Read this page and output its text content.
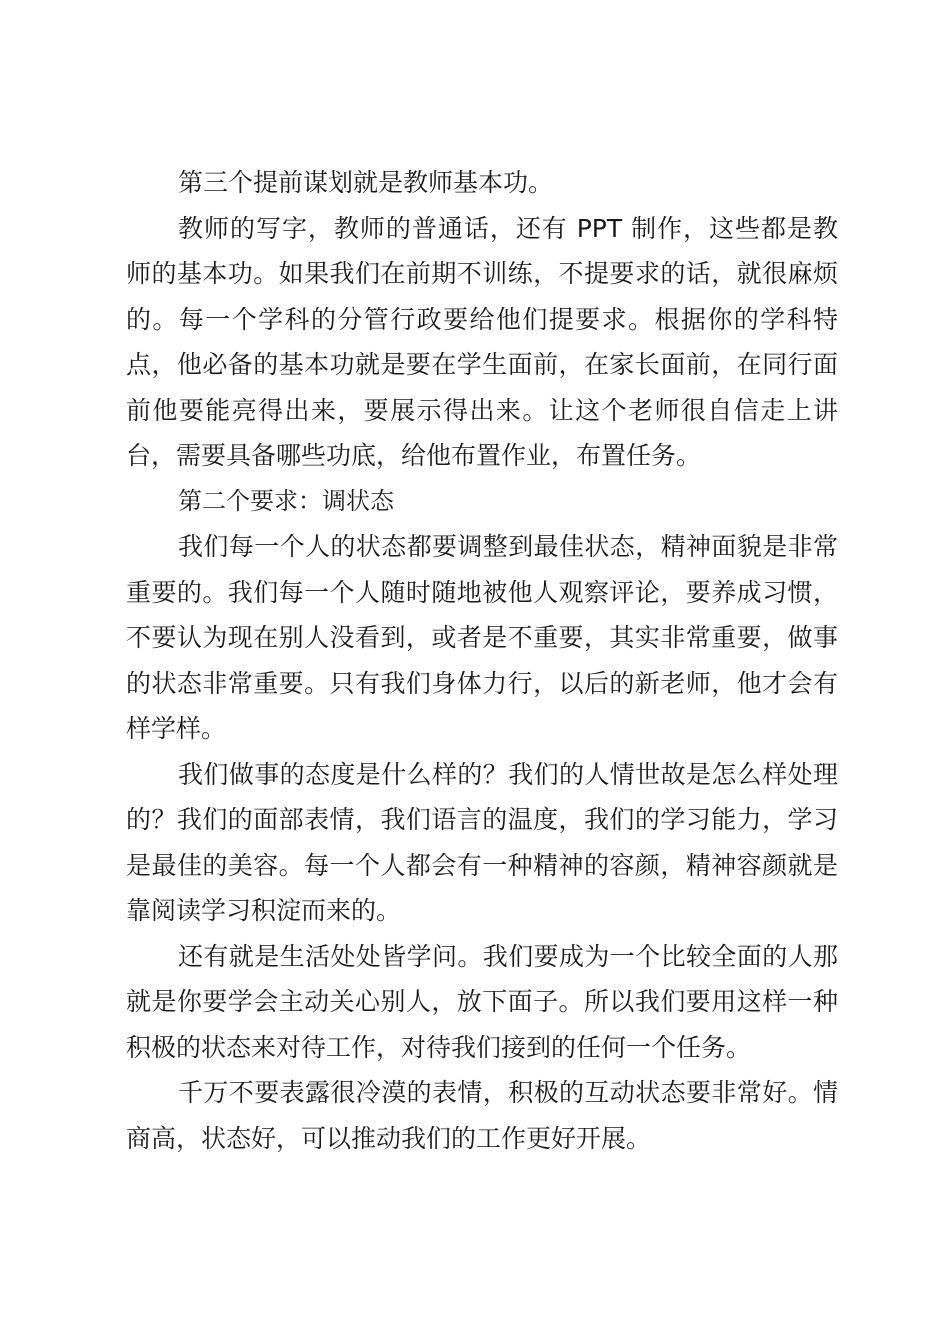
第三个提前谋划就是教师基本功。

教师的写字，教师的普通话，还有 PPT 制作，这些都是教师的基本功。如果我们在前期不训练，不提要求的话，就很麻烦的。每一个学科的分管行政要给他们提要求。根据你的学科特点，他必备的基本功就是要在学生面前，在家长面前，在同行面前他要能亮得出来，要展示得出来。让这个老师很自信走上讲台，需要具备哪些功底，给他布置作业，布置任务。

第二个要求：调状态

我们每一个人的状态都要调整到最佳状态，精神面貌是非常重要的。我们每一个人随时随地被他人观察评论，要养成习惯，不要认为现在别人没看到，或者是不重要，其实非常重要，做事的状态非常重要。只有我们身体力行，以后的新老师，他才会有样学样。

我们做事的态度是什么样的？我们的人情世故是怎么样处理的？我们的面部表情，我们语言的温度，我们的学习能力，学习是最佳的美容。每一个人都会有一种精神的容颜，精神容颜就是靠阅读学习积淀而来的。

还有就是生活处处皆学问。我们要成为一个比较全面的人那就是你要学会主动关心别人，放下面子。所以我们要用这样一种积极的状态来对待工作，对待我们接到的任何一个任务。

千万不要表露很冷漠的表情，积极的互动状态要非常好。情商高，状态好，可以推动我们的工作更好开展。
